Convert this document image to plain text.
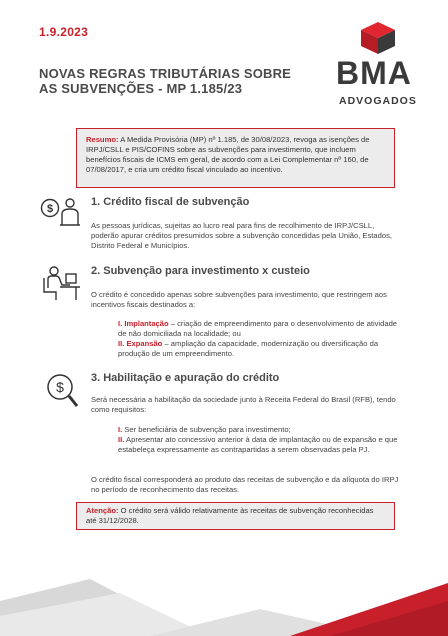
1.9.2023
NOVAS REGRAS TRIBUTÁRIAS SOBRE
AS SUBVENÇÕES - MP 1.185/23	BMA
ADVOGADOS
Resumo: A Medida Provisória (MP) nº 1.185, de 30/08/2023, revoga as isenções de IRPJ/CSLL e PIS/COFINS sobre as subvenções para investimento, que incluem benefícios fiscais de ICMS em geral, de acordo com a Lei Complementar nº 160, de 07/08/2017, e cria um crédito fiscal vinculado ao incentivo.
$
1. Crédito fiscal de subvenção
As pessoas jurídicas, sujeitas ao lucro real para fins de recolhimento de IRPJ/CSLL, poderão apurar créditos presumidos sobre a subvenção concedidas pela União, Estados, Distrito Federal e Municípios.
2. Subvenção para investimento x custeio
O crédito é concedido apenas sobre subvenções para investimento, que restringem aos incentivos fiscais destinados a:
I. Implantação – criação de empreendimento para o desenvolvimento de atividade de não domiciliada na localidade; ou
II. Expansão – ampliação da capacidade, modernização ou diversificação da produção de um empreendimento.
$
3. Habilitação e apuração do crédito
Será necessária a habilitação da sociedade junto à Receita Federal do Brasil (RFB), tendo como requisitos:
I. Ser beneficiária de subvenção para investimento;
II. Apresentar ato concessivo anterior à data de implantação ou de expansão e que estabeleça expressamente as contrapartidas a serem observadas pela PJ.
O crédito fiscal corresponderá ao produto das receitas de subvenção e da alíquota do IRPJ no período de reconhecimento das receitas.
Atenção: O crédito será válido relativamente às receitas de subvenção reconhecidas até 31/12/2028.
